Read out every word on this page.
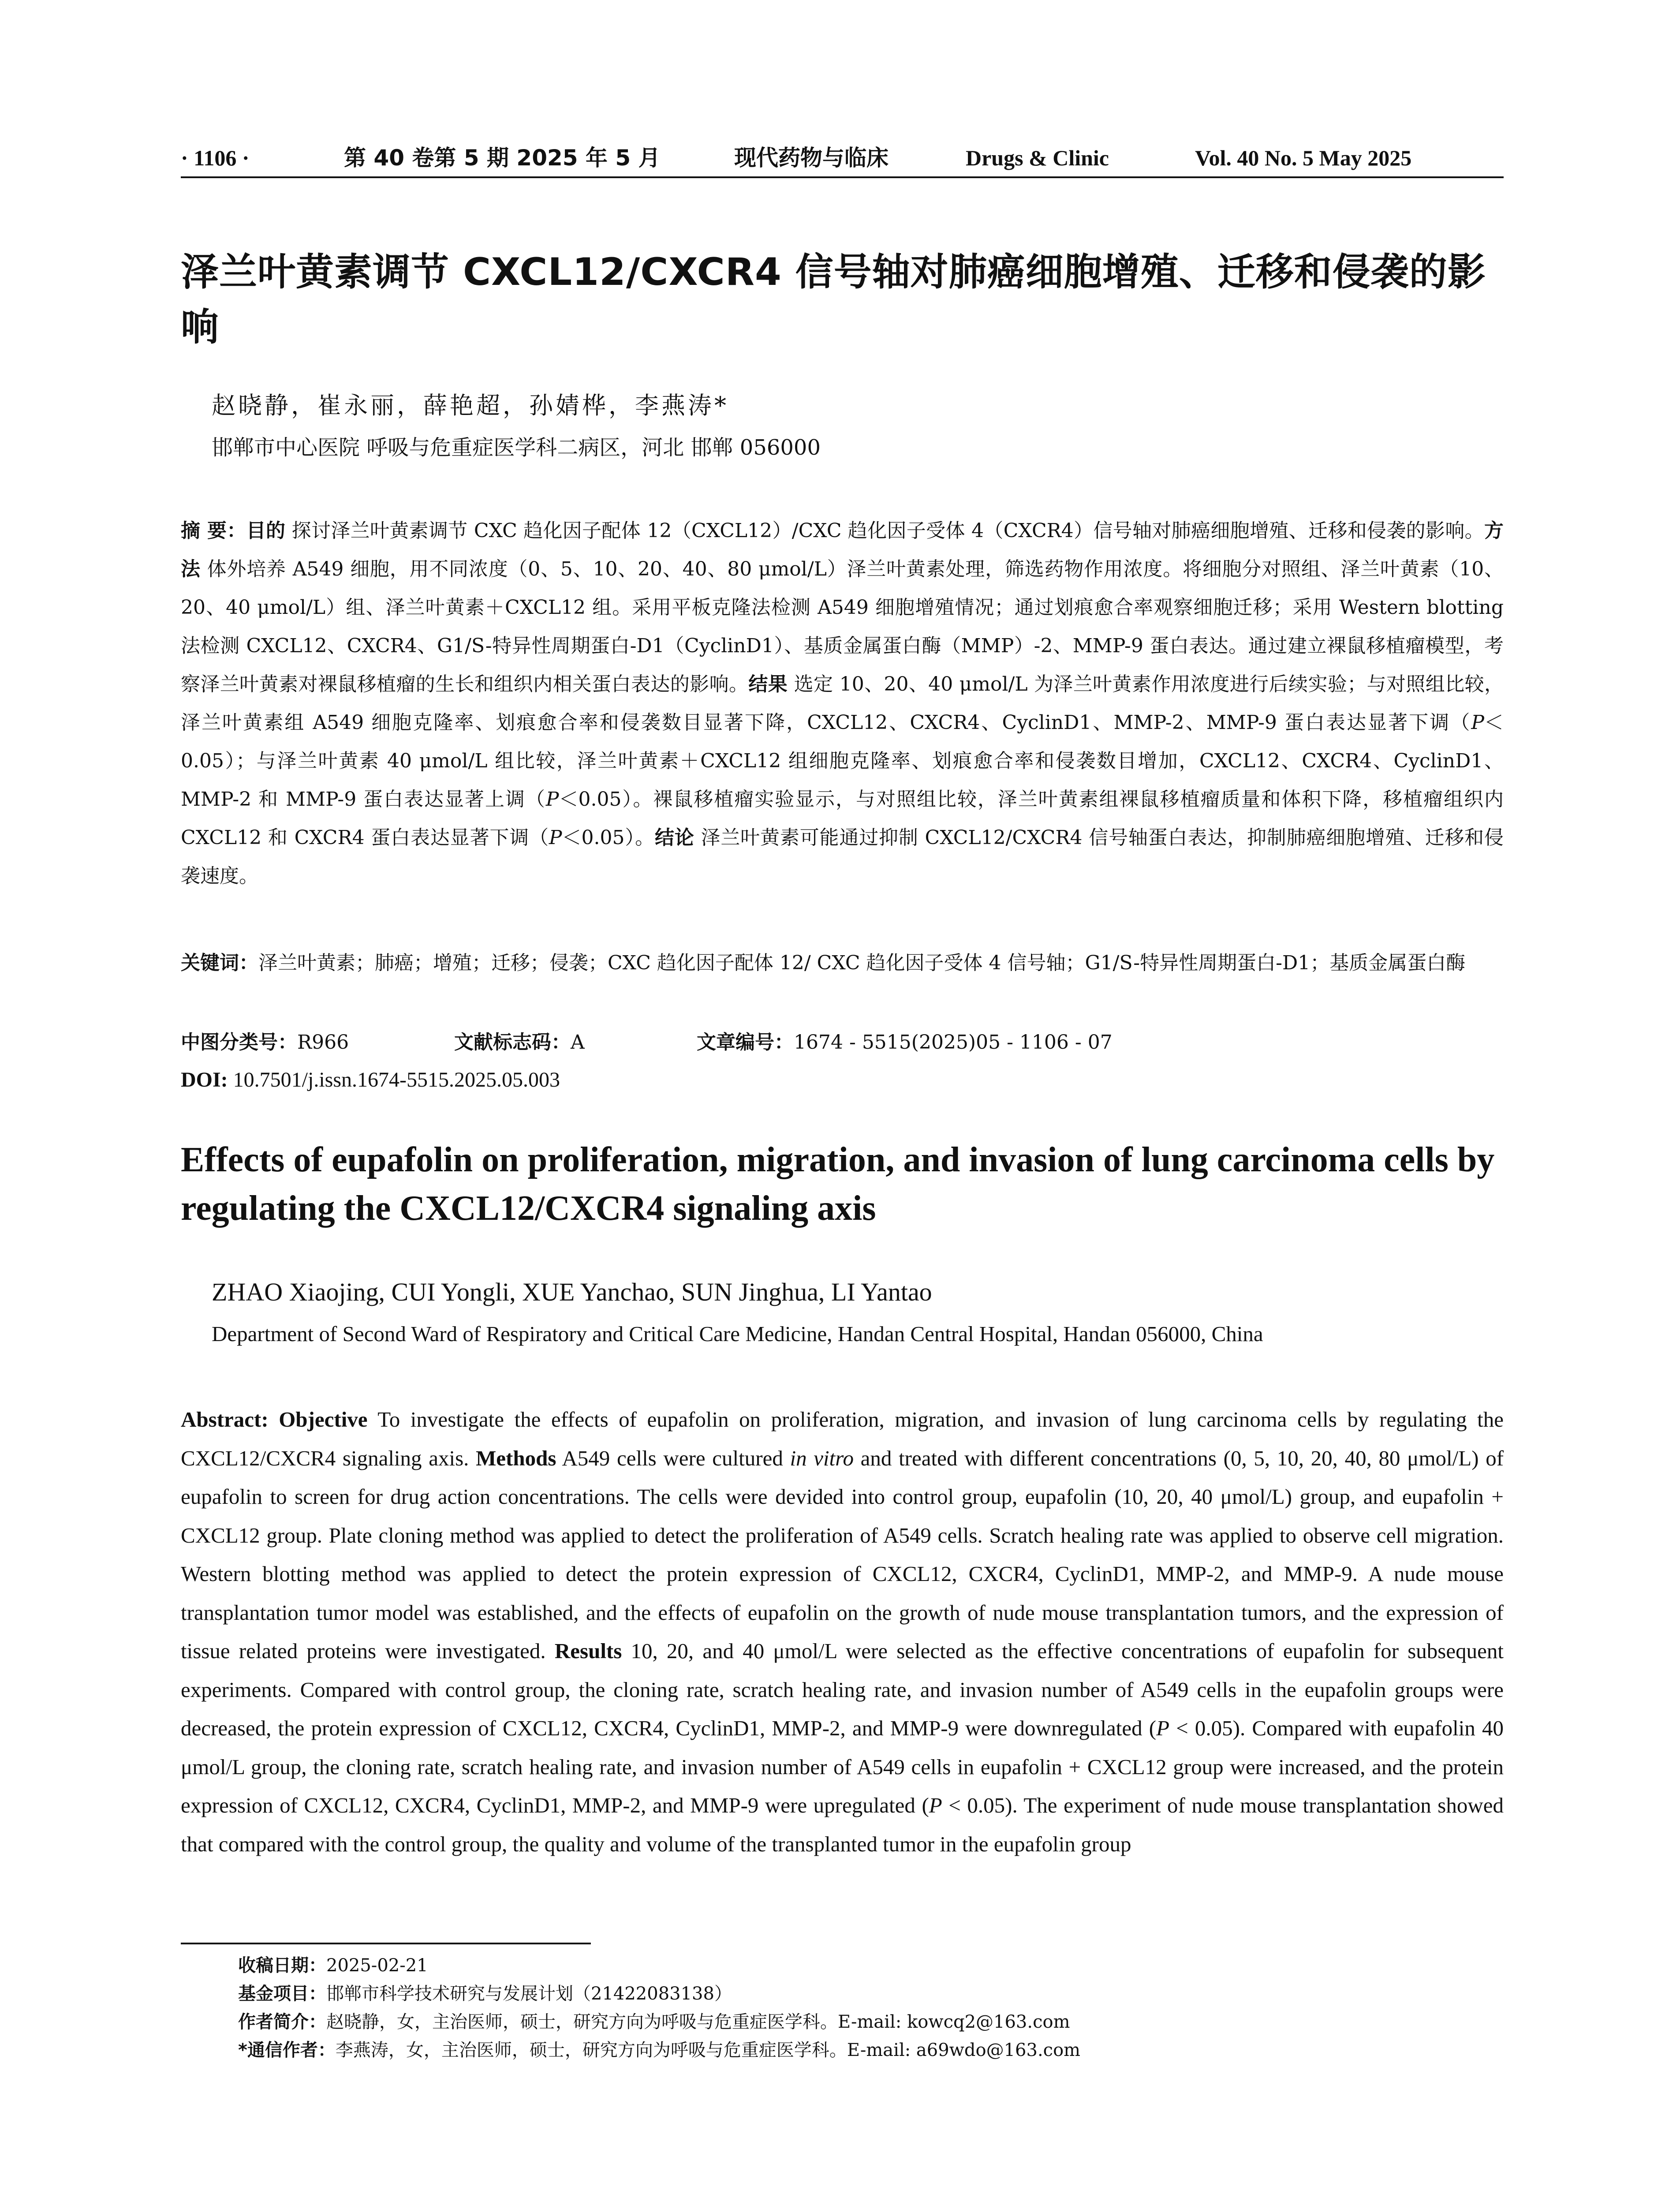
· 1106 ·	第 40 卷第 5 期 2025 年 5 月	现代药物与临床	Drugs & Clinic	Vol. 40 No. 5 May 2025
泽兰叶黄素调节 CXCL12/CXCR4 信号轴对肺癌细胞增殖、迁移和侵袭的影响
赵晓静，崔永丽，薛艳超，孙婧桦，李燕涛*
邯郸市中心医院 呼吸与危重症医学科二病区，河北 邯郸 056000
摘 要：目的 探讨泽兰叶黄素调节 CXC 趋化因子配体 12（CXCL12）/CXC 趋化因子受体 4（CXCR4）信号轴对肺癌细胞增殖、迁移和侵袭的影响。方法 体外培养 A549 细胞，用不同浓度（0、5、10、20、40、80 μmol/L）泽兰叶黄素处理，筛选药物作用浓度。将细胞分对照组、泽兰叶黄素（10、20、40 μmol/L）组、泽兰叶黄素＋CXCL12 组。采用平板克隆法检测 A549 细胞增殖情况；通过划痕愈合率观察细胞迁移；采用 Western blotting 法检测 CXCL12、CXCR4、G1/S-特异性周期蛋白-D1（CyclinD1）、基质金属蛋白酶（MMP）-2、MMP-9 蛋白表达。通过建立裸鼠移植瘤模型，考察泽兰叶黄素对裸鼠移植瘤的生长和组织内相关蛋白表达的影响。结果 选定 10、20、40 μmol/L 为泽兰叶黄素作用浓度进行后续实验；与对照组比较，泽兰叶黄素组 A549 细胞克隆率、划痕愈合率和侵袭数目显著下降，CXCL12、CXCR4、CyclinD1、MMP-2、MMP-9 蛋白表达显著下调（P＜0.05）；与泽兰叶黄素 40 μmol/L 组比较，泽兰叶黄素＋CXCL12 组细胞克隆率、划痕愈合率和侵袭数目增加，CXCL12、CXCR4、CyclinD1、MMP-2 和 MMP-9 蛋白表达显著上调（P＜0.05）。裸鼠移植瘤实验显示，与对照组比较，泽兰叶黄素组裸鼠移植瘤质量和体积下降，移植瘤组织内 CXCL12 和 CXCR4 蛋白表达显著下调（P＜0.05）。结论 泽兰叶黄素可能通过抑制 CXCL12/CXCR4 信号轴蛋白表达，抑制肺癌细胞增殖、迁移和侵袭速度。
关键词：泽兰叶黄素；肺癌；增殖；迁移；侵袭；CXC 趋化因子配体 12/ CXC 趋化因子受体 4 信号轴；G1/S-特异性周期蛋白-D1；基质金属蛋白酶
中图分类号： R966	文献标志码： A	文章编号： 1674 - 5515(2025)05 - 1106 - 07
DOI: 10.7501/j.issn.1674-5515.2025.05.003
Effects of eupafolin on proliferation, migration, and invasion of lung carcinoma cells by regulating the CXCL12/CXCR4 signaling axis
ZHAO Xiaojing, CUI Yongli, XUE Yanchao, SUN Jinghua, LI Yantao
Department of Second Ward of Respiratory and Critical Care Medicine, Handan Central Hospital, Handan 056000, China
Abstract: Objective To investigate the effects of eupafolin on proliferation, migration, and invasion of lung carcinoma cells by regulating the CXCL12/CXCR4 signaling axis. Methods A549 cells were cultured in vitro and treated with different concentrations (0, 5, 10, 20, 40, 80 μmol/L) of eupafolin to screen for drug action concentrations. The cells were devided into control group, eupafolin (10, 20, 40 μmol/L) group, and eupafolin + CXCL12 group. Plate cloning method was applied to detect the proliferation of A549 cells. Scratch healing rate was applied to observe cell migration. Western blotting method was applied to detect the protein expression of CXCL12, CXCR4, CyclinD1, MMP-2, and MMP-9. A nude mouse transplantation tumor model was established, and the effects of eupafolin on the growth of nude mouse transplantation tumors, and the expression of tissue related proteins were investigated. Results 10, 20, and 40 μmol/L were selected as the effective concentrations of eupafolin for subsequent experiments. Compared with control group, the cloning rate, scratch healing rate, and invasion number of A549 cells in the eupafolin groups were decreased, the protein expression of CXCL12, CXCR4, CyclinD1, MMP-2, and MMP-9 were downregulated (P < 0.05). Compared with eupafolin 40 μmol/L group, the cloning rate, scratch healing rate, and invasion number of A549 cells in eupafolin + CXCL12 group were increased, and the protein expression of CXCL12, CXCR4, CyclinD1, MMP-2, and MMP-9 were upregulated (P < 0.05). The experiment of nude mouse transplantation showed that compared with the control group, the quality and volume of the transplanted tumor in the eupafolin group
收稿日期：2025-02-21
基金项目：邯郸市科学技术研究与发展计划（21422083138）
作者简介：赵晓静，女，主治医师，硕士，研究方向为呼吸与危重症医学科。E-mail: kowcq2@163.com
*通信作者：李燕涛，女，主治医师，硕士，研究方向为呼吸与危重症医学科。E-mail: a69wdo@163.com
